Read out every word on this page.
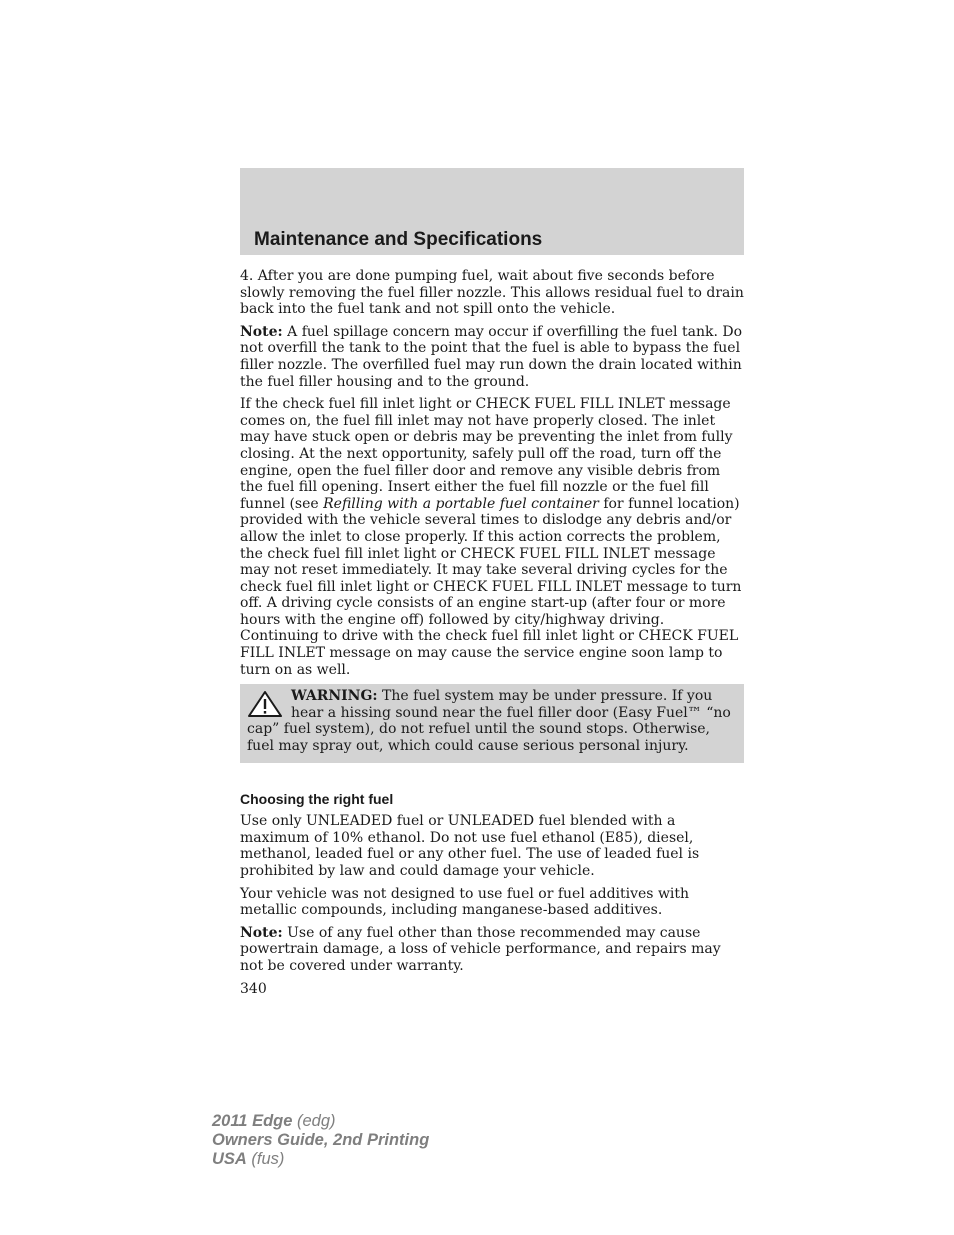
Maintenance and Specifications

4. After you are done pumping fuel, wait about five seconds before slowly removing the fuel filler nozzle. This allows residual fuel to drain back into the fuel tank and not spill onto the vehicle.

Note: A fuel spillage concern may occur if overfilling the fuel tank. Do not overfill the tank to the point that the fuel is able to bypass the fuel filler nozzle. The overfilled fuel may run down the drain located within the fuel filler housing and to the ground.

If the check fuel fill inlet light or CHECK FUEL FILL INLET message comes on, the fuel fill inlet may not have properly closed. The inlet may have stuck open or debris may be preventing the inlet from fully closing. At the next opportunity, safely pull off the road, turn off the engine, open the fuel filler door and remove any visible debris from the fuel fill opening. Insert either the fuel fill nozzle or the fuel fill funnel (see Refilling with a portable fuel container for funnel location) provided with the vehicle several times to dislodge any debris and/or allow the inlet to close properly. If this action corrects the problem, the check fuel fill inlet light or CHECK FUEL FILL INLET message may not reset immediately. It may take several driving cycles for the check fuel fill inlet light or CHECK FUEL FILL INLET message to turn off. A driving cycle consists of an engine start-up (after four or more hours with the engine off) followed by city/highway driving. Continuing to drive with the check fuel fill inlet light or CHECK FUEL FILL INLET message on may cause the service engine soon lamp to turn on as well.

WARNING: The fuel system may be under pressure. If you hear a hissing sound near the fuel filler door (Easy Fuel™ “no cap” fuel system), do not refuel until the sound stops. Otherwise, fuel may spray out, which could cause serious personal injury.

Choosing the right fuel

Use only UNLEADED fuel or UNLEADED fuel blended with a maximum of 10% ethanol. Do not use fuel ethanol (E85), diesel, methanol, leaded fuel or any other fuel. The use of leaded fuel is prohibited by law and could damage your vehicle.

Your vehicle was not designed to use fuel or fuel additives with metallic compounds, including manganese-based additives.

Note: Use of any fuel other than those recommended may cause powertrain damage, a loss of vehicle performance, and repairs may not be covered under warranty.

340

2011 Edge (edg)
Owners Guide, 2nd Printing
USA (fus)
